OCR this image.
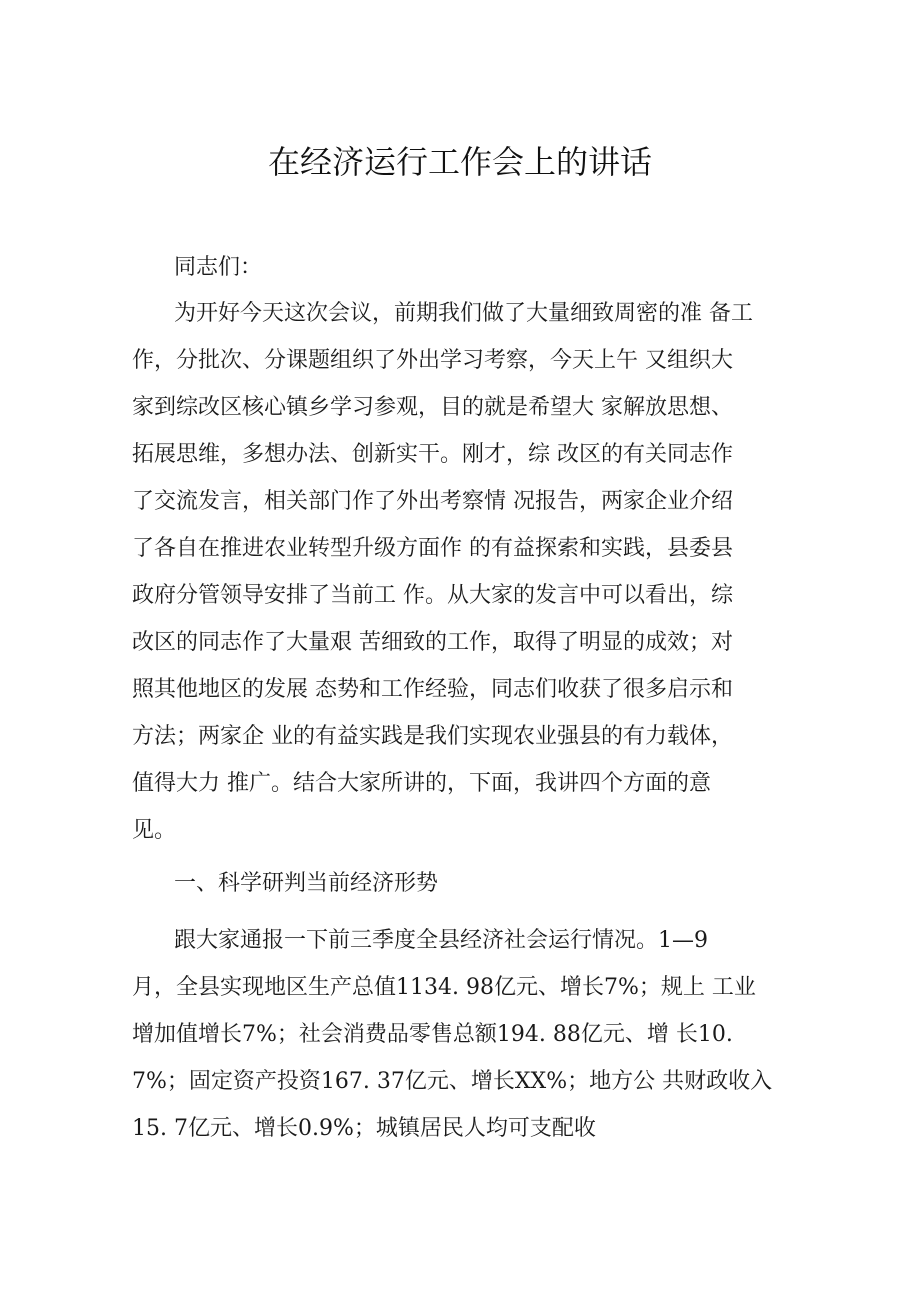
在经济运行工作会上的讲话

同志们：

为开好今天这次会议，前期我们做了大量细致周密的准 备工
作，分批次、分课题组织了外出学习考察，今天上午 又组织大
家到综改区核心镇乡学习参观，目的就是希望大 家解放思想、
拓展思维，多想办法、创新实干。刚才，综 改区的有关同志作
了交流发言，相关部门作了外出考察情 况报告，两家企业介绍
了各自在推进农业转型升级方面作 的有益探索和实践，县委县
政府分管领导安排了当前工 作。从大家的发言中可以看出，综
改区的同志作了大量艰 苦细致的工作，取得了明显的成效；对
照其他地区的发展 态势和工作经验，同志们收获了很多启示和
方法；两家企 业的有益实践是我们实现农业强县的有力载体，
值得大力 推广。结合大家所讲的，下面，我讲四个方面的意
见。

一、科学研判当前经济形势

跟大家通报一下前三季度全县经济社会运行情况。1—9
月，全县实现地区生产总值1134. 98亿元、增长7%；规上 工业
增加值增长7%；社会消费品零售总额194. 88亿元、增 长10.
7%；固定资产投资167. 37亿元、增长XX%；地方公 共财政收入
15. 7亿元、增长0.9%；城镇居民人均可支配收
